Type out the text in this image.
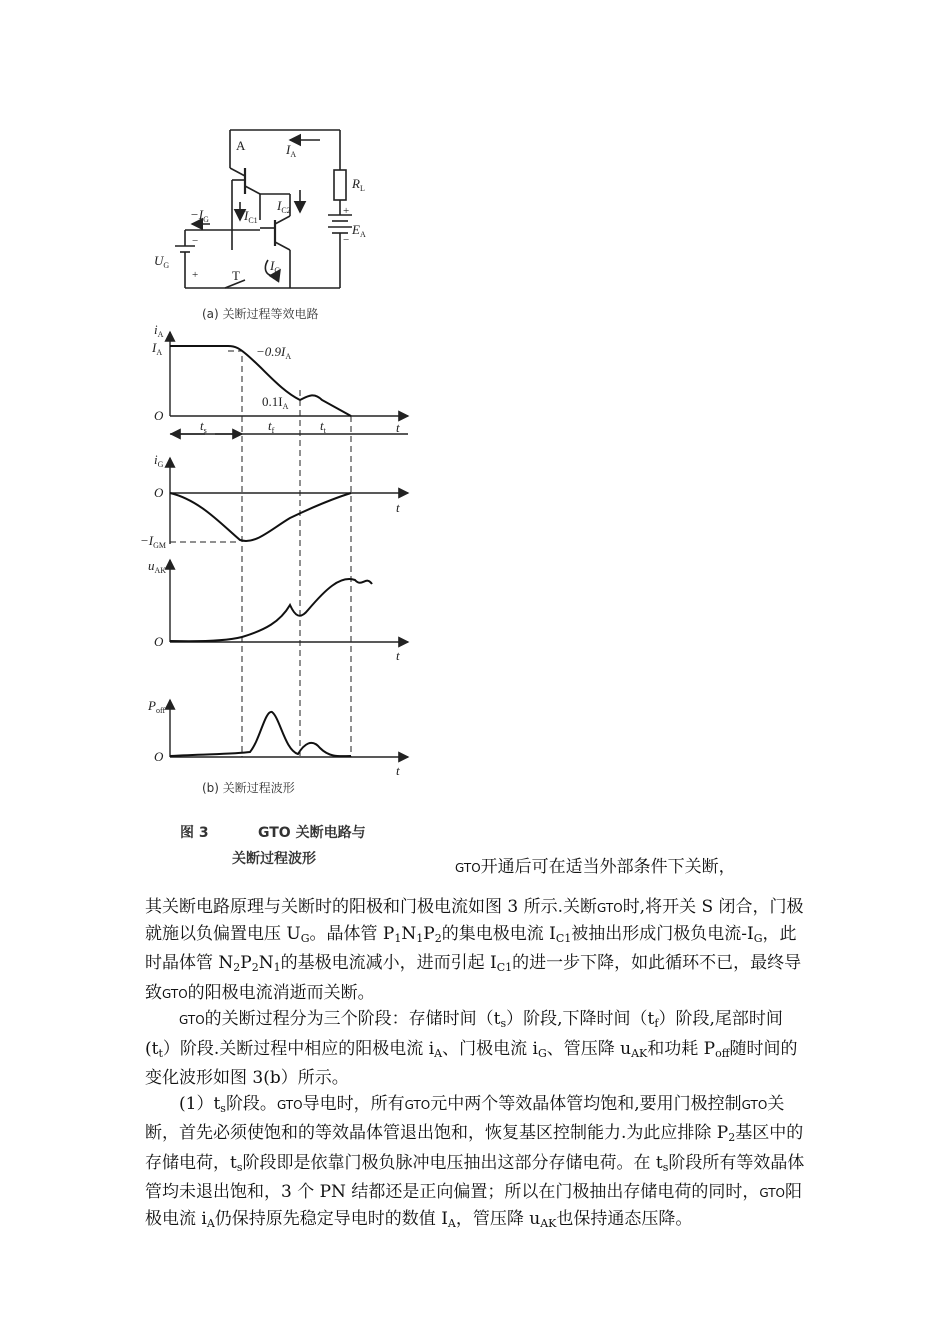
A	$I_A$
$R_L$
$E_A$
+
−
$-I_G$	$I_{C1}$
$I_{C2}$
$I_G$
$U_G$
−
+	T
(a) 关断过程等效电路
$i_A$
$I_A$	$-0.9I_A$
$0.1I_A$
O
t
$t_s$	$t_f$	$t_t$
$i_G$
O
t
$-I_{GM}$
$u_{AK}$
O
t
$P_{off}$
O
t
(b) 关断过程波形
图 3	GTO 关断电路与
关断过程波形
GTO开通后可在适当外部条件下关断，

其关断电路原理与关断时的阳极和门极电流如图 3 所示.关断GTO时,将开关 S 闭合，门极就施以负偏置电压 $U_G$。晶体管 $P_1N_1P_2$的集电极电流 $I_{C1}$被抽出形成门极负电流$-I_G$，此时晶体管 $N_2P_2N_1$的基极电流减小，进而引起 $I_{C1}$的进一步下降，如此循环不已，最终导致GTO的阳极电流消逝而关断。

GTO的关断过程分为三个阶段：存储时间$(t_s)$阶段,下降时间$(t_f)$阶段,尾部时间$(t_t)$阶段.关断过程中相应的阳极电流 $i_A$、门极电流 $i_G$、管压降 $u_{AK}$和功耗 $P_{off}$随时间的变化波形如图 3(b）所示。

$(1)t_s$阶段。GTO导电时，所有GTO元中两个等效晶体管均饱和,要用门极控制GTO关断，首先必须使饱和的等效晶体管退出饱和，恢复基区控制能力.为此应排除 $P_2$基区中的存储电荷，$t_s$阶段即是依靠门极负脉冲电压抽出这部分存储电荷。在 $t_s$阶段所有等效晶体管均未退出饱和，3 个 PN 结都还是正向偏置；所以在门极抽出存储电荷的同时，GTO阳极电流 $i_A$仍保持原先稳定导电时的数值 $I_A$，管压降 $u_{AK}$也保持通态压降。
